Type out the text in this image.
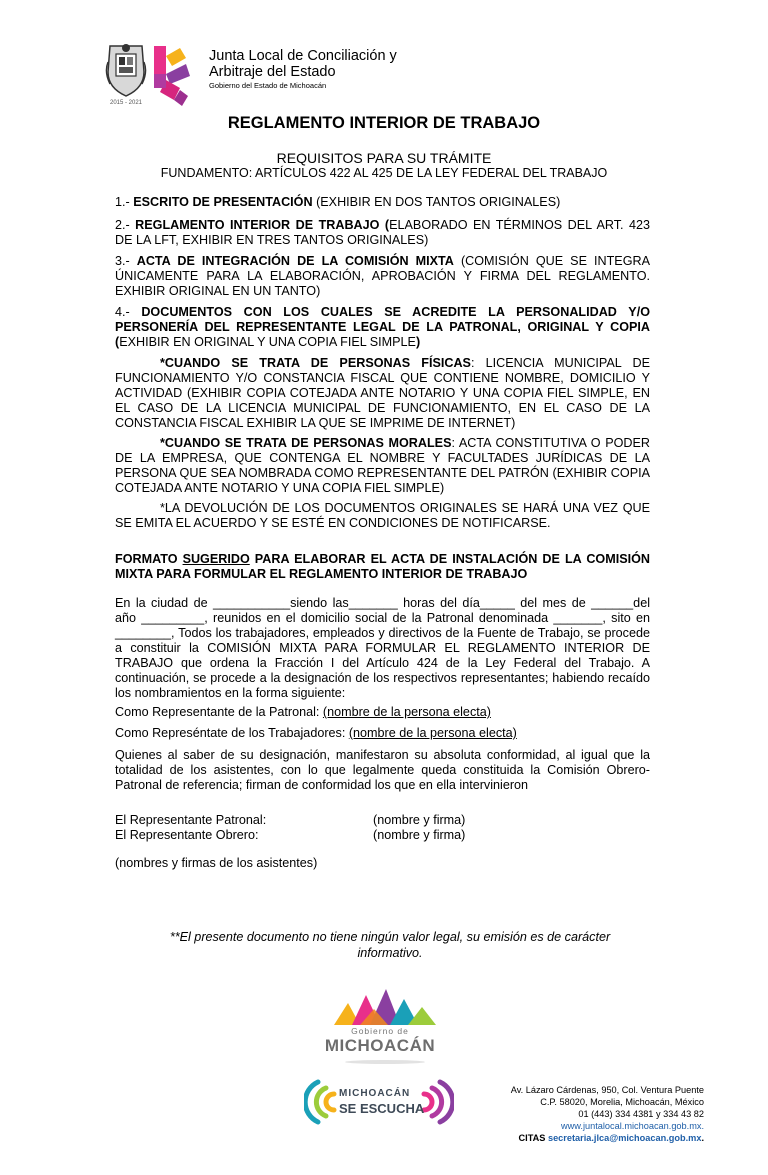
2015 - 2021
Junta Local de Conciliación y
Arbitraje del Estado
Gobierno del Estado de Michoacán
REGLAMENTO INTERIOR DE TRABAJO
REQUISITOS PARA SU TRÁMITE
FUNDAMENTO: ARTÍCULOS 422 AL 425 DE LA LEY FEDERAL DEL TRABAJO
1.- ESCRITO DE PRESENTACIÓN (EXHIBIR EN DOS TANTOS ORIGINALES)
2.- REGLAMENTO INTERIOR DE TRABAJO (ELABORADO EN TÉRMINOS DEL ART. 423 DE LA LFT, EXHIBIR EN TRES TANTOS ORIGINALES)
3.- ACTA DE INTEGRACIÓN DE LA COMISIÓN MIXTA (COMISIÓN QUE SE INTEGRA ÚNICAMENTE PARA LA ELABORACIÓN, APROBACIÓN Y FIRMA DEL REGLAMENTO. EXHIBIR ORIGINAL EN UN TANTO)
4.- DOCUMENTOS CON LOS CUALES SE ACREDITE LA PERSONALIDAD Y/O PERSONERÍA DEL REPRESENTANTE LEGAL DE LA PATRONAL, ORIGINAL Y COPIA (EXHIBIR EN ORIGINAL Y UNA COPIA FIEL SIMPLE)
*CUANDO SE TRATA DE PERSONAS FÍSICAS: LICENCIA MUNICIPAL DE FUNCIONAMIENTO Y/O CONSTANCIA FISCAL QUE CONTIENE NOMBRE, DOMICILIO Y ACTIVIDAD (EXHIBIR COPIA COTEJADA ANTE NOTARIO Y UNA COPIA FIEL SIMPLE, EN EL CASO DE LA LICENCIA MUNICIPAL DE FUNCIONAMIENTO, EN EL CASO DE LA CONSTANCIA FISCAL EXHIBIR LA QUE SE IMPRIME DE INTERNET)
*CUANDO SE TRATA DE PERSONAS MORALES: ACTA CONSTITUTIVA O PODER DE LA EMPRESA, QUE CONTENGA EL NOMBRE Y FACULTADES JURÍDICAS DE LA PERSONA QUE SEA NOMBRADA COMO REPRESENTANTE DEL PATRÓN (EXHIBIR COPIA COTEJADA ANTE NOTARIO Y UNA COPIA FIEL SIMPLE)
*LA DEVOLUCIÓN DE LOS DOCUMENTOS ORIGINALES SE HARÁ UNA VEZ QUE SE EMITA EL ACUERDO Y SE ESTÉ EN CONDICIONES DE NOTIFICARSE.
FORMATO SUGERIDO PARA ELABORAR EL ACTA DE INSTALACIÓN DE LA COMISIÓN MIXTA PARA FORMULAR EL REGLAMENTO INTERIOR DE TRABAJO
En la ciudad de ___________siendo las_______ horas del día_____ del mes de ______del año _________, reunidos en el domicilio social de la Patronal denominada _______, sito en ________, Todos los trabajadores, empleados y directivos de la Fuente de Trabajo, se procede a constituir la COMISIÓN MIXTA PARA FORMULAR EL REGLAMENTO INTERIOR DE TRABAJO que ordena la Fracción I del Artículo 424 de la Ley Federal del Trabajo. A continuación, se procede a la designación de los respectivos representantes; habiendo recaído los nombramientos en la forma siguiente:
Como Representante de la Patronal: (nombre de la persona electa)
Como Represéntate de los Trabajadores: (nombre de la persona electa)
Quienes al saber de su designación, manifestaron su absoluta conformidad, al igual que la totalidad de los asistentes, con lo que legalmente queda constituida la Comisión Obrero-Patronal de referencia; firman de conformidad los que en ella intervinieron
El Representante Patronal:	(nombre y firma)
El Representante Obrero:	(nombre y firma)
(nombres y firmas de los asistentes)
**El presente documento no tiene ningún valor legal, su emisión es de carácter informativo.
Gobierno de
MICHOACÁN
MICHOACÁN
SE ESCUCHA
Av. Lázaro Cárdenas, 950, Col. Ventura Puente
C.P. 58020, Morelia, Michoacán, México
01 (443) 334 4381 y 334 43 82
www.juntalocal.michoacan.gob.mx.
CITAS secretaria.jlca@michoacan.gob.mx.
